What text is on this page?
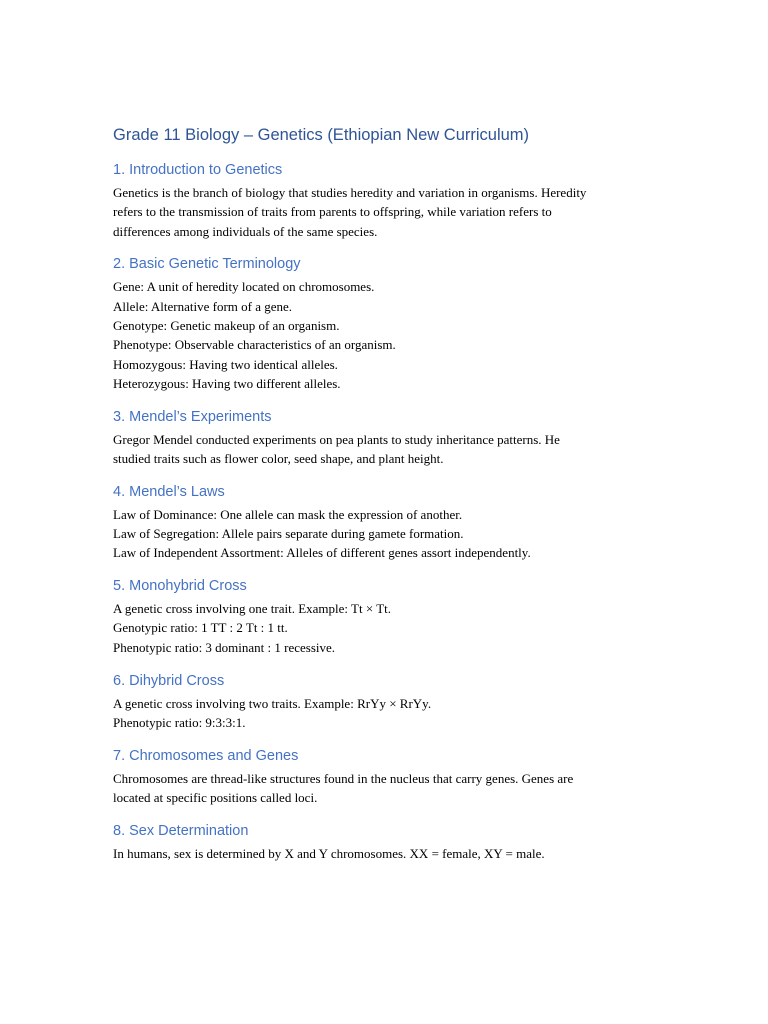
Grade 11 Biology – Genetics (Ethiopian New Curriculum)
1. Introduction to Genetics

Genetics is the branch of biology that studies heredity and variation in organisms. Heredity
refers to the transmission of traits from parents to offspring, while variation refers to
differences among individuals of the same species.

2. Basic Genetic Terminology

Gene: A unit of heredity located on chromosomes.
Allele: Alternative form of a gene.
Genotype: Genetic makeup of an organism.
Phenotype: Observable characteristics of an organism.
Homozygous: Having two identical alleles.
Heterozygous: Having two different alleles.

3. Mendel’s Experiments

Gregor Mendel conducted experiments on pea plants to study inheritance patterns. He
studied traits such as flower color, seed shape, and plant height.

4. Mendel’s Laws

Law of Dominance: One allele can mask the expression of another.
Law of Segregation: Allele pairs separate during gamete formation.
Law of Independent Assortment: Alleles of different genes assort independently.

5. Monohybrid Cross

A genetic cross involving one trait. Example: Tt × Tt.
Genotypic ratio: 1 TT : 2 Tt : 1 tt.
Phenotypic ratio: 3 dominant : 1 recessive.

6. Dihybrid Cross

A genetic cross involving two traits. Example: RrYy × RrYy.
Phenotypic ratio: 9:3:3:1.

7. Chromosomes and Genes

Chromosomes are thread-like structures found in the nucleus that carry genes. Genes are
located at specific positions called loci.

8. Sex Determination

In humans, sex is determined by X and Y chromosomes. XX = female, XY = male.
